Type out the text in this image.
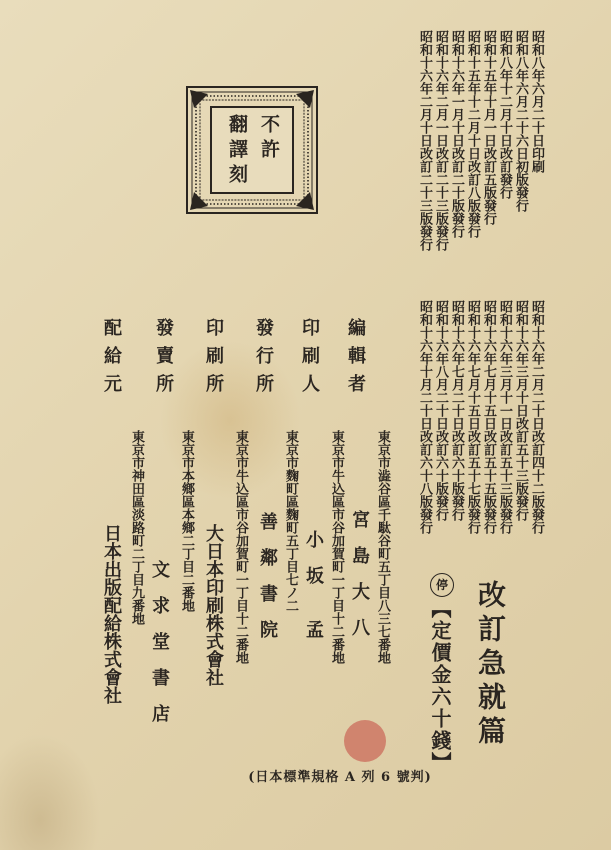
不許
翻譯刻	昭和八年六月二十日印刷

昭和八年六月二十六日初版發行

昭和八年十二月十日改訂發行

昭和十五年十月一日改訂五版發行

昭和十五年十二月十日改訂八版發行

昭和十六年一月十日改訂二十版發行

昭和十六年二月一日改訂二十三版發行

昭和十六年二月十日改訂二十三版發行

昭和十六年二月二十日改訂四十二版發行

昭和十六年三月十日改訂五十三版發行

昭和十六年三月十一日改訂五十三版發行

昭和十六年七月十五日改訂五十五版發行

昭和十六年七月十五日改訂五十七版發行

昭和十六年七月二十日改訂六十版發行

昭和十六年八月二十日改訂六十版發行

昭和十六年十月二十日改訂六十八版發行

改訂急就篇

停

【定價金六十錢】

編輯者

東京市澁谷區千駄谷町五丁目八三七番地

宮　島　大　八

印刷人

東京市牛込區市谷加賀町一丁目十二番地

小　坂　　孟

發行所

東京市麴町區麴町五丁目七ノ二

善　鄰　書　院

印刷所

東京市牛込區市谷加賀町一丁目十二番地

大日本印刷株式會社

發賣所

東京市本鄉區本鄉二丁目二番地

文　求　堂　書　店

配給元

東京市神田區淡路町二丁目九番地

日本出版配給株式會社

(日本標準規格 A 列 6 號判)
